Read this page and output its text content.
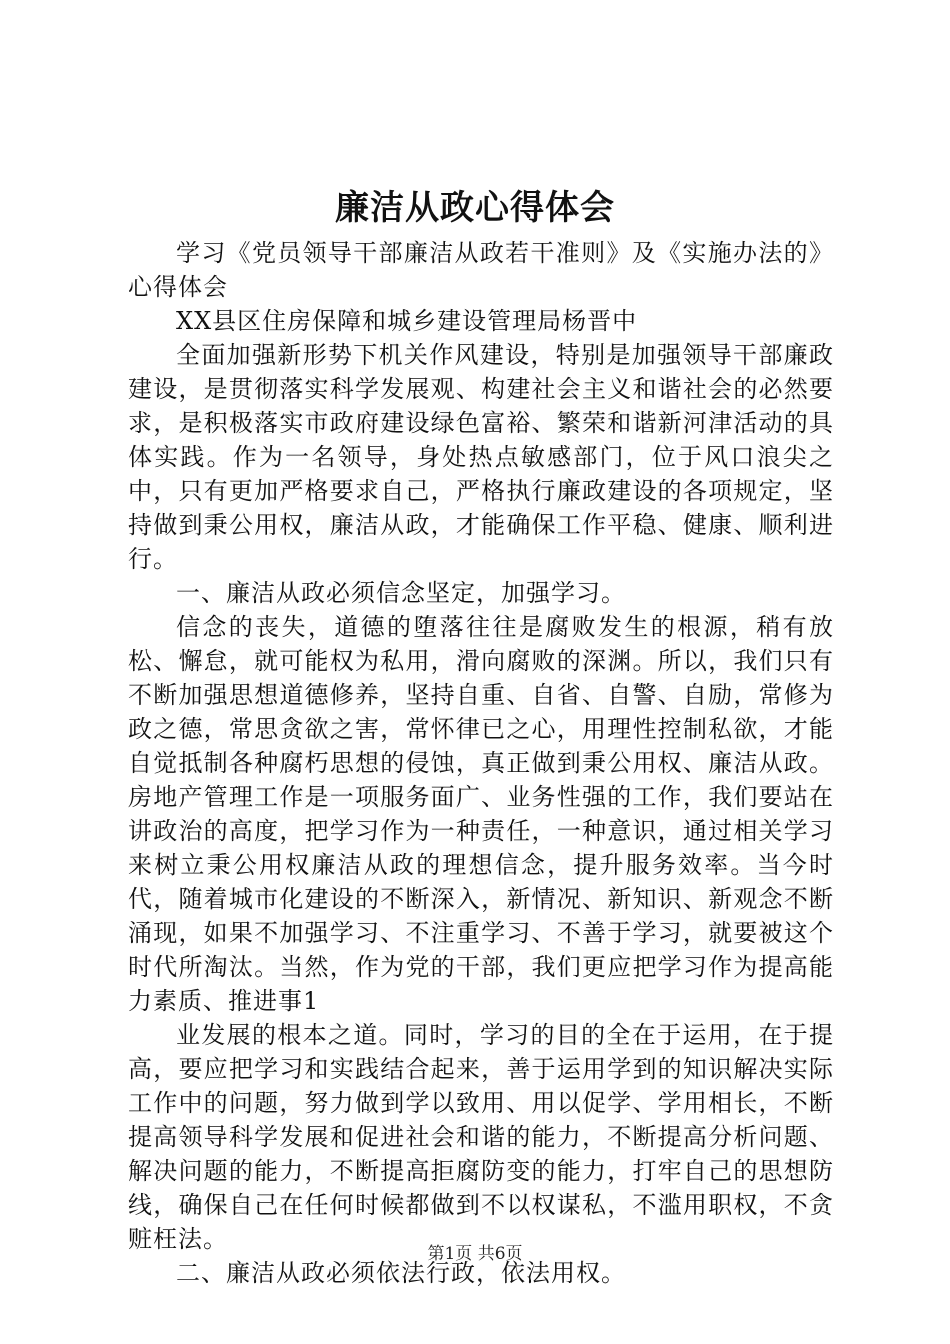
廉洁从政心得体会

学习《党员领导干部廉洁从政若干准则》及《实施办法的》心得体会

XX县区住房保障和城乡建设管理局杨晋中

全面加强新形势下机关作风建设，特别是加强领导干部廉政建设，是贯彻落实科学发展观、构建社会主义和谐社会的必然要求，是积极落实市政府建设绿色富裕、繁荣和谐新河津活动的具体实践。作为一名领导，身处热点敏感部门，位于风口浪尖之中，只有更加严格要求自己，严格执行廉政建设的各项规定，坚持做到秉公用权，廉洁从政，才能确保工作平稳、健康、顺利进行。

一、廉洁从政必须信念坚定，加强学习。

信念的丧失，道德的堕落往往是腐败发生的根源，稍有放松、懈怠，就可能权为私用，滑向腐败的深渊。所以，我们只有不断加强思想道德修养，坚持自重、自省、自警、自励，常修为政之德，常思贪欲之害，常怀律已之心，用理性控制私欲，才能自觉抵制各种腐朽思想的侵蚀，真正做到秉公用权、廉洁从政。房地产管理工作是一项服务面广、业务性强的工作，我们要站在讲政治的高度，把学习作为一种责任，一种意识，通过相关学习来树立秉公用权廉洁从政的理想信念，提升服务效率。当今时代，随着城市化建设的不断深入，新情况、新知识、新观念不断涌现，如果不加强学习、不注重学习、不善于学习，就要被这个时代所淘汰。当然，作为党的干部，我们更应把学习作为提高能力素质、推进事1

业发展的根本之道。同时，学习的目的全在于运用，在于提高，要应把学习和实践结合起来，善于运用学到的知识解决实际工作中的问题，努力做到学以致用、用以促学、学用相长，不断提高领导科学发展和促进社会和谐的能力，不断提高分析问题、解决问题的能力，不断提高拒腐防变的能力，打牢自己的思想防线，确保自己在任何时候都做到不以权谋私，不滥用职权，不贪赃枉法。

二、廉洁从政必须依法行政，依法用权。

第1页 共6页
